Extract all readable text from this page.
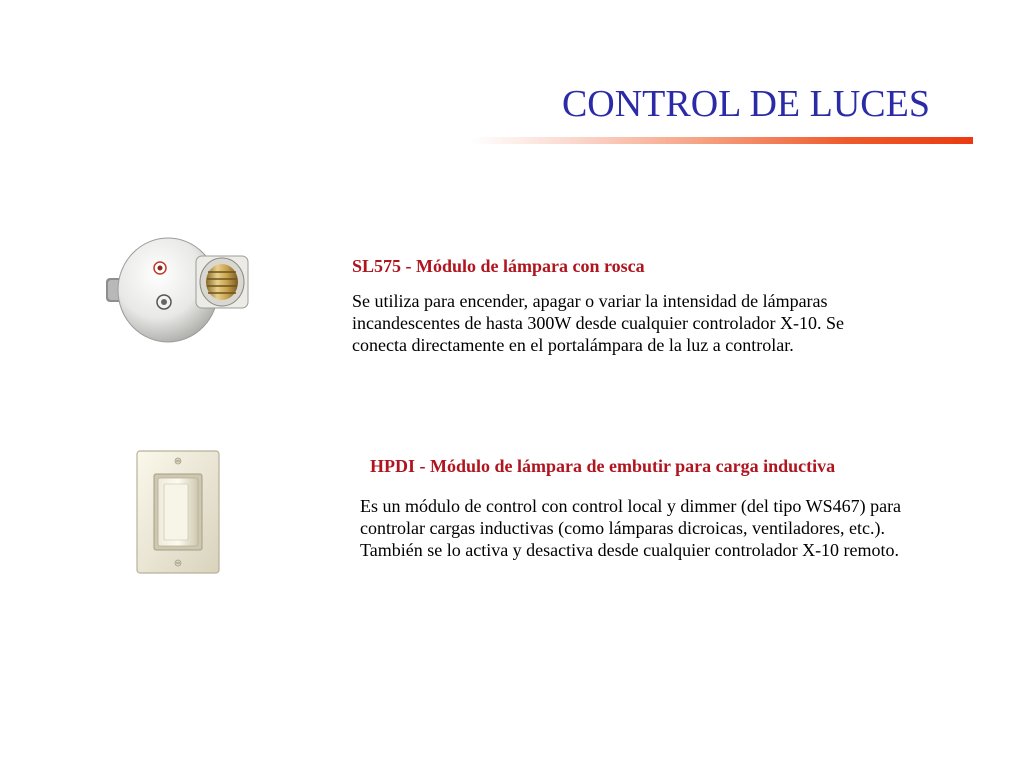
CONTROL DE LUCES
SL575 - Módulo de lámpara con rosca
Se utiliza para encender, apagar o variar la intensidad de lámparas
incandescentes de hasta 300W desde cualquier controlador X-10. Se
conecta directamente en el portalámpara de la luz a controlar.
HPDI - Módulo de lámpara de embutir para carga inductiva
Es un módulo de control con control local y dimmer (del tipo WS467) para
controlar cargas inductivas (como lámparas dicroicas, ventiladores, etc.).
También se lo activa y desactiva desde cualquier controlador X-10 remoto.
